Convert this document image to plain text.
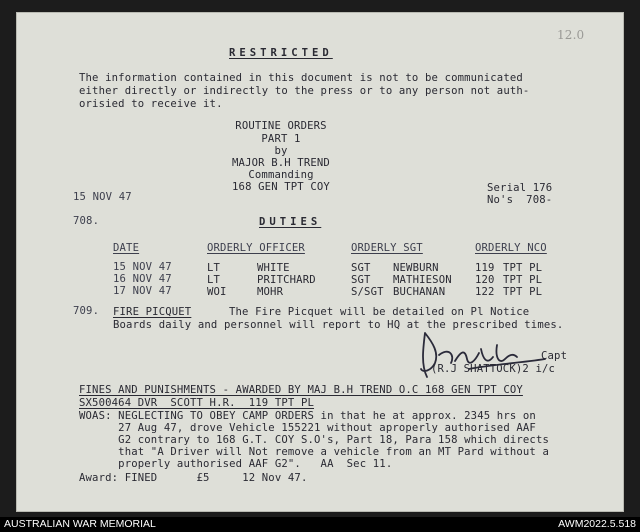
RESTRICTED
12.0
The information contained in this document is not to be communicated
either directly or indirectly to the press or to any person not auth-
orisied to receive it.
ROUTINE ORDERS
PART 1
by
MAJOR B.H TREND
Commanding
168 GEN TPT COY
15 NOV 47
Serial 176
No's  708-
708.	DUTIES
DATE	ORDERLY OFFICER	ORDERLY SGT	ORDERLY NCO
15 NOV 47	LT	WHITE	SGT NEWBURN	119 TPT PL
16 NOV 47	LT	PRITCHARD	SGT MATHIESON 120 TPT PL
17 NOV 47	WOI	MOHR	S/SGT BUCHANAN	122 TPT PL
709. FIRE PICQUET	The Fire Picquet will be detailed on Pl Notice
Boards daily and personnel will report to HQ at the prescribed times.
Capt
(R.J SHATTOCK)2 i/c
FINES AND PUNISHMENTS - AWARDED BY MAJ B.H TREND O.C 168 GEN TPT COY
SX500464 DVR  SCOTT H.R.  119 TPT PL
WOAS: NEGLECTING TO OBEY CAMP ORDERS in that he at approx. 2345 hrs on
27 Aug 47, drove Vehicle 155221 without aproperly authorised AAF
G2 contrary to 168 G.T. COY S.O's, Part 18, Para 158 which directs
that "A Driver will Not remove a vehicle from an MT Pard without a
properly authorised AAF G2".   AA  Sec 11.
Award: FINED      £5     12 Nov 47.
AUSTRALIAN WAR MEMORIAL	AWM2022.5.518
